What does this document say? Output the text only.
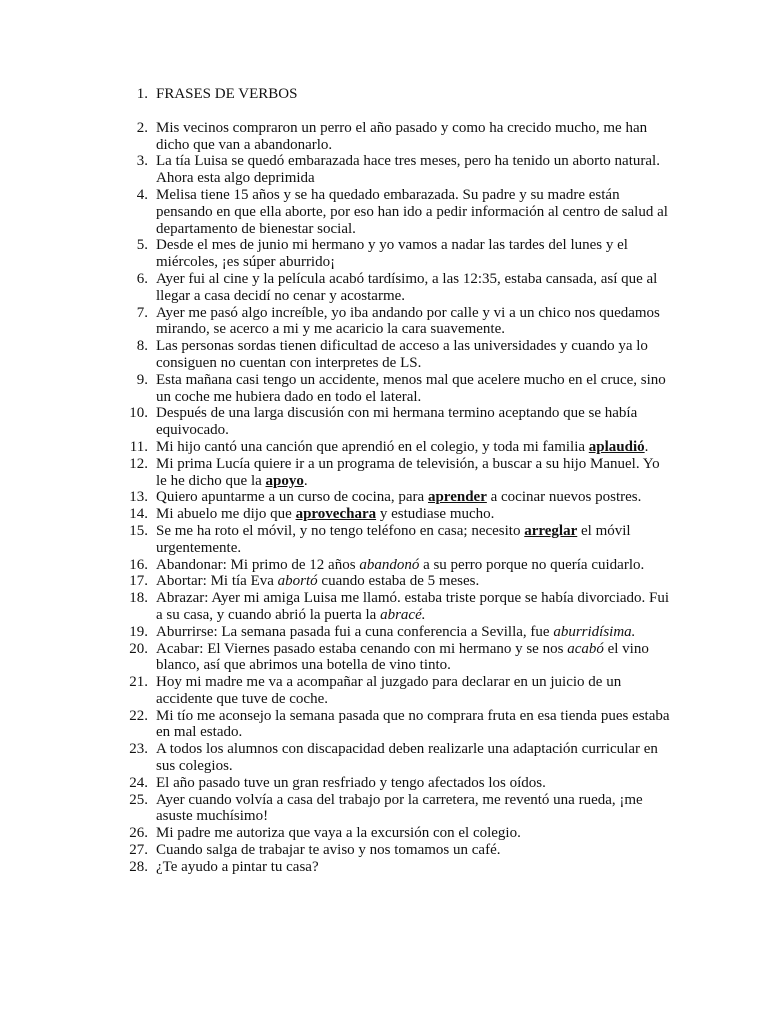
1. FRASES DE VERBOS
2. Mis vecinos compraron un perro el año pasado y como ha crecido mucho, me han dicho que van a abandonarlo.
3. La tía Luisa se quedó embarazada hace tres meses, pero ha tenido un aborto natural. Ahora esta algo deprimida
4. Melisa tiene 15 años y se ha quedado embarazada. Su padre y su madre están pensando en que ella aborte, por eso han ido a pedir información al centro de salud al departamento de bienestar social.
5. Desde el mes de junio mi hermano y yo vamos a nadar las tardes del lunes y el miércoles, ¡es súper aburrido¡
6. Ayer fui al cine y la película acabó tardísimo, a las 12:35, estaba cansada, así que al llegar a casa decidí no cenar y acostarme.
7. Ayer me pasó algo increíble, yo iba andando por calle y vi a un chico nos quedamos mirando, se acerco a mi y me acaricio la cara suavemente.
8. Las personas sordas tienen dificultad de acceso a las universidades y cuando ya lo consiguen no cuentan con interpretes de LS.
9. Esta mañana casi tengo un accidente, menos mal que acelere mucho en el cruce, sino un coche me hubiera dado en todo el lateral.
10. Después de una larga discusión con mi hermana termino aceptando que se había equivocado.
11. Mi hijo cantó una canción que aprendió en el colegio, y toda mi familia aplaudió.
12. Mi prima Lucía quiere ir a un programa de televisión, a buscar a su hijo Manuel. Yo le he dicho que la apoyo.
13. Quiero apuntarme a un curso de cocina, para aprender a cocinar nuevos postres.
14. Mi abuelo me dijo que aprovechara y estudiase mucho.
15. Se me ha roto el móvil, y no tengo teléfono en casa; necesito arreglar el móvil urgentemente.
16. Abandonar: Mi primo de 12 años abandonó a su perro porque no quería cuidarlo.
17. Abortar: Mi tía Eva abortó cuando estaba de 5 meses.
18. Abrazar: Ayer mi amiga Luisa me llamó. estaba triste porque se había divorciado. Fui a su casa, y cuando abrió la puerta la abracé.
19. Aburrirse: La semana pasada fui a cuna conferencia a Sevilla, fue aburridísima.
20. Acabar: El Viernes pasado estaba cenando con mi hermano y se nos acabó el vino blanco, así que abrimos una botella de vino tinto.
21. Hoy mi madre me va a acompañar al juzgado para declarar en un juicio de un accidente que tuve de coche.
22. Mi tío me aconsejo la semana pasada que no comprara fruta en esa tienda pues estaba en mal estado.
23. A todos los alumnos con discapacidad deben realizarle una adaptación curricular en sus colegios.
24. El año pasado tuve un gran resfriado y tengo afectados los oídos.
25. Ayer cuando volvía a casa del trabajo por la carretera, me reventó una rueda, ¡me asuste muchísimo!
26. Mi padre me autoriza que vaya a la excursión con el colegio.
27. Cuando salga de trabajar te aviso y nos tomamos un café.
28. ¿Te ayudo a pintar tu casa?
